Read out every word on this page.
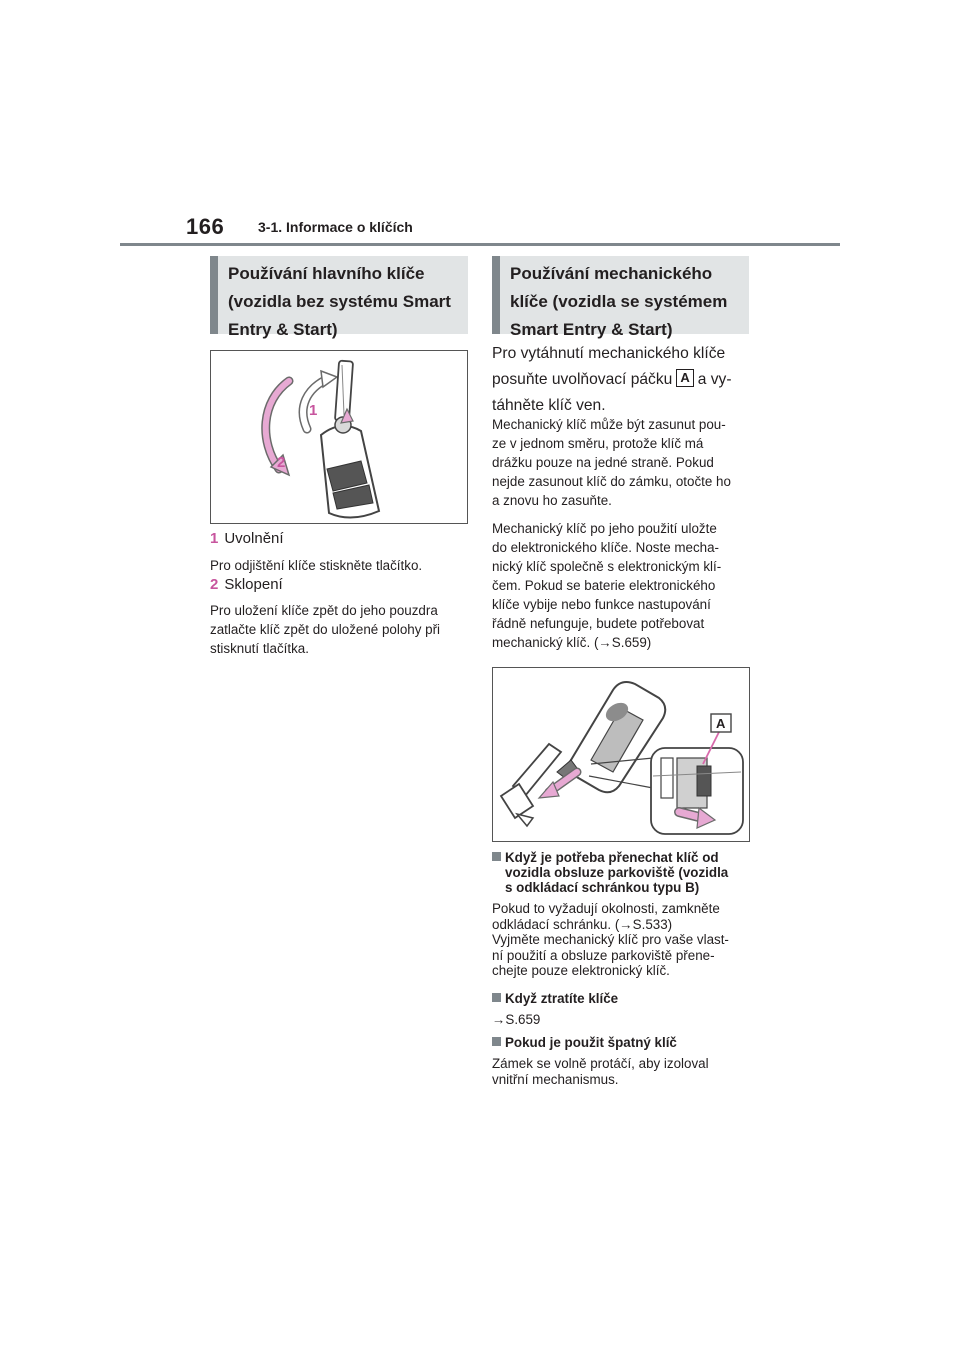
166 3-1. Informace o klíčích
Používání hlavního klíče
(vozidla bez systému Smart
Entry & Start)
1
2
1 Uvolnění
Pro odjištění klíče stiskněte tlačítko.
2 Sklopení
Pro uložení klíče zpět do jeho pouzdra
zatlačte klíč zpět do uložené polohy při
stisknutí tlačítka.
Používání mechanického
klíče (vozidla se systémem
Smart Entry & Start)
Pro vytáhnutí mechanického klíče
posuňte uvolňovací páčku A a vy-
táhněte klíč ven.
Mechanický klíč může být zasunut pou-
ze v jednom směru, protože klíč má
drážku pouze na jedné straně. Pokud
nejde zasunout klíč do zámku, otočte ho
a znovu ho zasuňte.
Mechanický klíč po jeho použití uložte
do elektronického klíče. Noste mecha-
nický klíč společně s elektronickým klí-
čem. Pokud se baterie elektronického
klíče vybije nebo funkce nastupování
řádně nefunguje, budete potřebovat
mechanický klíč. (→S.659)
A
Když je potřeba přenechat klíč od
vozidla obsluze parkoviště (vozidla
s odkládací schránkou typu B)
Pokud to vyžadují okolnosti, zamkněte
odkládací schránku. (→S.533)
Vyjměte mechanický klíč pro vaše vlast-
ní použití a obsluze parkoviště přene-
chejte pouze elektronický klíč.
Když ztratíte klíče
→S.659
Pokud je použit špatný klíč
Zámek se volně protáčí, aby izoloval
vnitřní mechanismus.
